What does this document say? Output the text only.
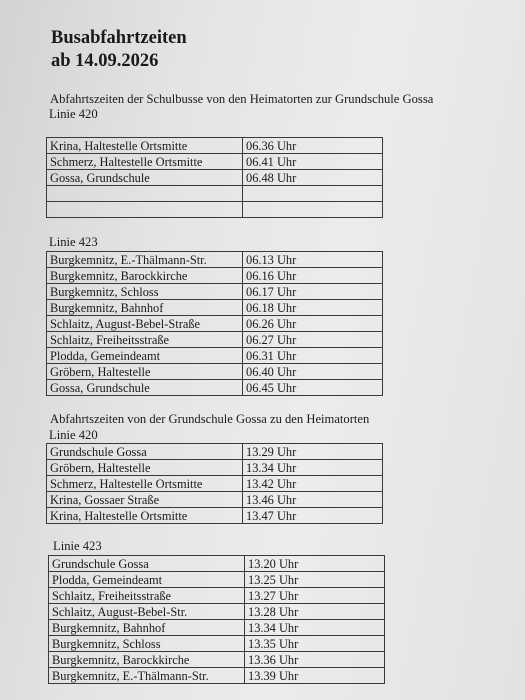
Busabfahrtzeiten
ab 14.09.2026
Abfahrtszeiten der Schulbusse von den Heimatorten zur Grundschule Gossa
Linie 420
Krina, Haltestelle Ortsmitte	06.36 Uhr
Schmerz, Haltestelle Ortsmitte	06.41 Uhr
Gossa, Grundschule	06.48 Uhr

Linie 423
Burgkemnitz, E.-Thälmann-Str.	06.13 Uhr
Burgkemnitz, Barockkirche	06.16 Uhr
Burgkemnitz, Schloss	06.17 Uhr
Burgkemnitz, Bahnhof	06.18 Uhr
Schlaitz, August-Bebel-Straße	06.26 Uhr
Schlaitz, Freiheitsstraße	06.27 Uhr
Plodda, Gemeindeamt	06.31 Uhr
Gröbern, Haltestelle	06.40 Uhr
Gossa, Grundschule	06.45 Uhr
Abfahrtszeiten von der Grundschule Gossa zu den Heimatorten
Linie 420
Grundschule Gossa	13.29 Uhr
Gröbern, Haltestelle	13.34 Uhr
Schmerz, Haltestelle Ortsmitte	13.42 Uhr
Krina, Gossaer Straße	13.46 Uhr
Krina, Haltestelle Ortsmitte	13.47 Uhr
Linie 423
Grundschule Gossa	13.20 Uhr
Plodda, Gemeindeamt	13.25 Uhr
Schlaitz, Freiheitsstraße	13.27 Uhr
Schlaitz, August-Bebel-Str.	13.28 Uhr
Burgkemnitz, Bahnhof	13.34 Uhr
Burgkemnitz, Schloss	13.35 Uhr
Burgkemnitz, Barockkirche	13.36 Uhr
Burgkemnitz, E.-Thälmann-Str.	13.39 Uhr
